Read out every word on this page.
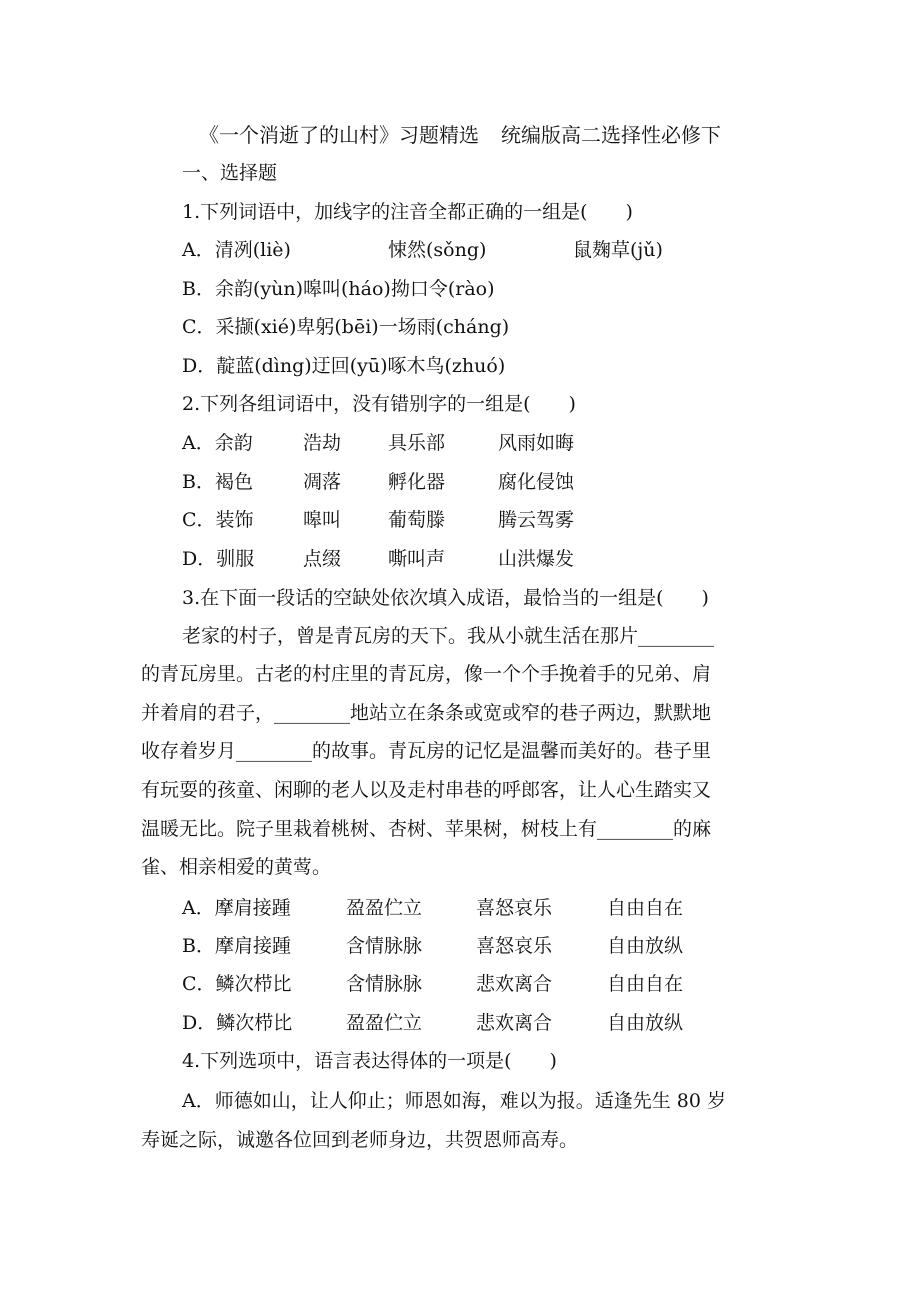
《一个消逝了的山村》习题精选 统编版高二选择性必修下
一、选择题
1.下列词语中，加线字的注音全都正确的一组是(　　)
A．清冽(liè)	悚然(sǒng)	鼠麹草(jǔ)
B．余韵(yùn)嗥叫(háo)拗口令(rào)
C．采撷(xié)卑躬(bēi)一场雨(cháng)
D．靛蓝(dìng)迂回(yū)啄木鸟(zhuó)
2.下列各组词语中，没有错别字的一组是(　　)
A．余韵	浩劫 具乐部	风雨如晦
B．褐色	凋落 孵化器	腐化侵蚀
C．装饰	嗥叫 葡萄滕	腾云驾雾
D．驯服	点缀 嘶叫声	山洪爆发
3.在下面一段话的空缺处依次填入成语，最恰当的一组是(　　)
老家的村子，曾是青瓦房的天下。我从小就生活在那片________
的青瓦房里。古老的村庄里的青瓦房，像一个个手挽着手的兄弟、肩
并着肩的君子，________地站立在条条或宽或窄的巷子两边，默默地
收存着岁月________的故事。青瓦房的记忆是温馨而美好的。巷子里
有玩耍的孩童、闲聊的老人以及走村串巷的呼郎客，让人心生踏实又
温暖无比。院子里栽着桃树、杏树、苹果树，树枝上有________的麻
雀、相亲相爱的黄莺。
A．摩肩接踵	盈盈伫立	喜怒哀乐	自由自在
B．摩肩接踵	含情脉脉	喜怒哀乐	自由放纵
C．鳞次栉比	含情脉脉	悲欢离合	自由自在
D．鳞次栉比	盈盈伫立	悲欢离合	自由放纵
4.下列选项中，语言表达得体的一项是(　　)
A．师德如山，让人仰止；师恩如海，难以为报。适逢先生 80 岁
寿诞之际，诚邀各位回到老师身边，共贺恩师高寿。
